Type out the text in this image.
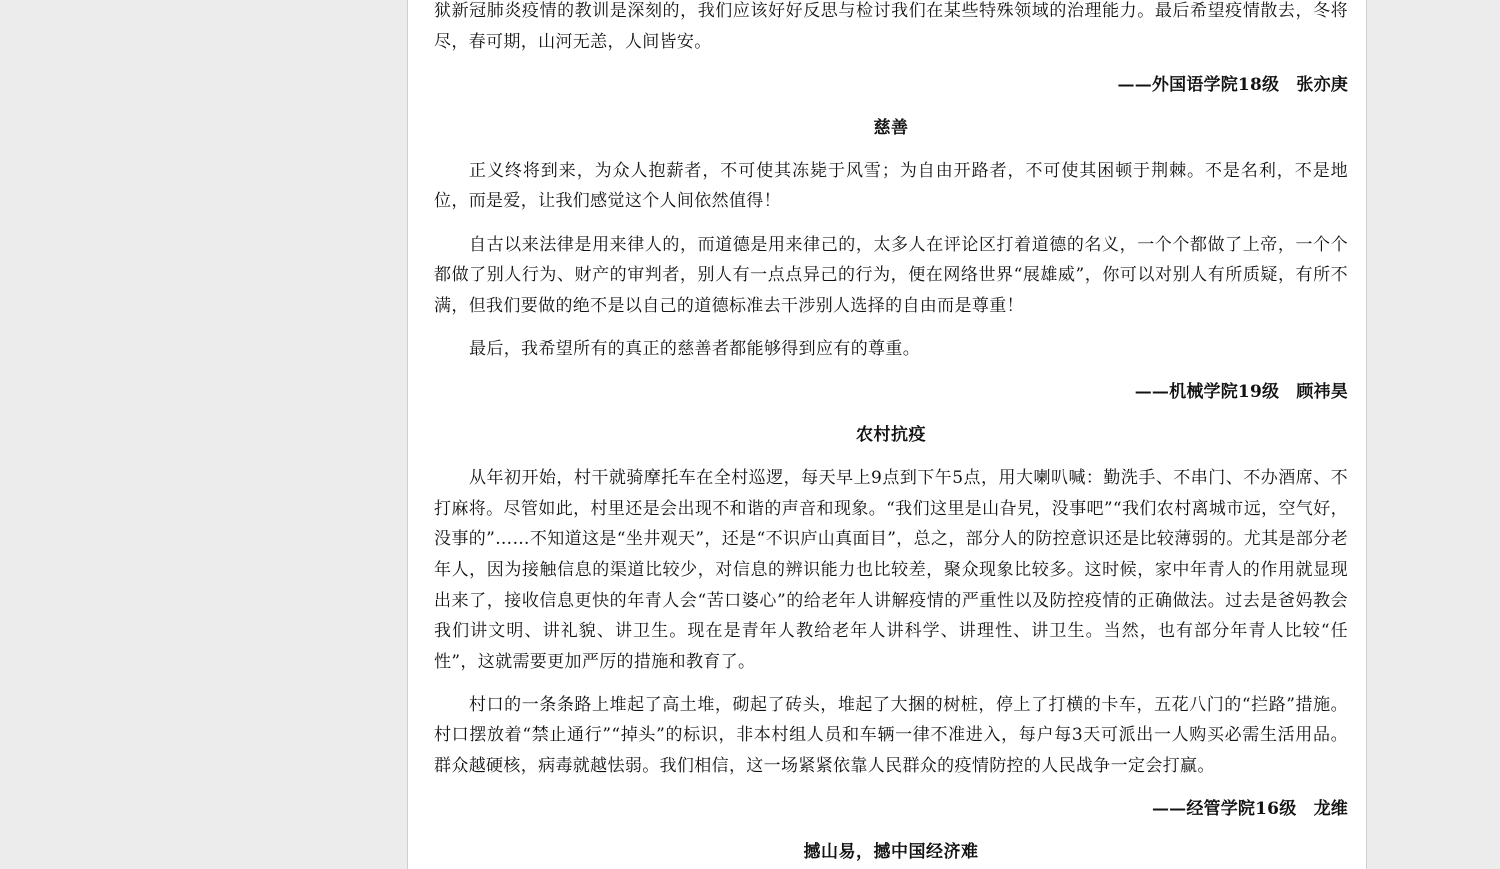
狱新冠肺炎疫情的教训是深刻的，我们应该好好反思与检讨我们在某些特殊领域的治理能力。最后希望疫情散去，冬将尽，春可期，山河无恙，人间皆安。

——外国语学院18级　张亦庚
慈善

正义终将到来，为众人抱薪者，不可使其冻毙于风雪；为自由开路者，不可使其困顿于荆棘。不是名利，不是地位，而是爱，让我们感觉这个人间依然值得！

自古以来法律是用来律人的，而道德是用来律己的，太多人在评论区打着道德的名义，一个个都做了上帝，一个个都做了别人行为、财产的审判者，别人有一点点异己的行为，便在网络世界“展雄威”，你可以对别人有所质疑，有所不满，但我们要做的绝不是以自己的道德标准去干涉别人选择的自由而是尊重！

最后，我希望所有的真正的慈善者都能够得到应有的尊重。

——机械学院19级　顾祎昊
农村抗疫

从年初开始，村干就骑摩托车在全村巡逻，每天早上9点到下午5点，用大喇叭喊：勤洗手、不串门、不办酒席、不打麻将。尽管如此，村里还是会出现不和谐的声音和现象。“我们这里是山旮旯，没事吧”“我们农村离城市远，空气好，没事的”……不知道这是“坐井观天”，还是“不识庐山真面目”，总之，部分人的防控意识还是比较薄弱的。尤其是部分老年人，因为接触信息的渠道比较少，对信息的辨识能力也比较差，聚众现象比较多。这时候，家中年青人的作用就显现出来了，接收信息更快的年青人会“苦口婆心”的给老年人讲解疫情的严重性以及防控疫情的正确做法。过去是爸妈教会我们讲文明、讲礼貌、讲卫生。现在是青年人教给老年人讲科学、讲理性、讲卫生。当然，也有部分年青人比较“任性”，这就需要更加严厉的措施和教育了。

村口的一条条路上堆起了高土堆，砌起了砖头，堆起了大捆的树桩，停上了打横的卡车，五花八门的“拦路”措施。村口摆放着“禁止通行”“掉头”的标识，非本村组人员和车辆一律不准进入，每户每3天可派出一人购买必需生活用品。群众越硬核，病毒就越怯弱。我们相信，这一场紧紧依靠人民群众的疫情防控的人民战争一定会打赢。

——经管学院16级　龙维
撼山易，撼中国经济难
